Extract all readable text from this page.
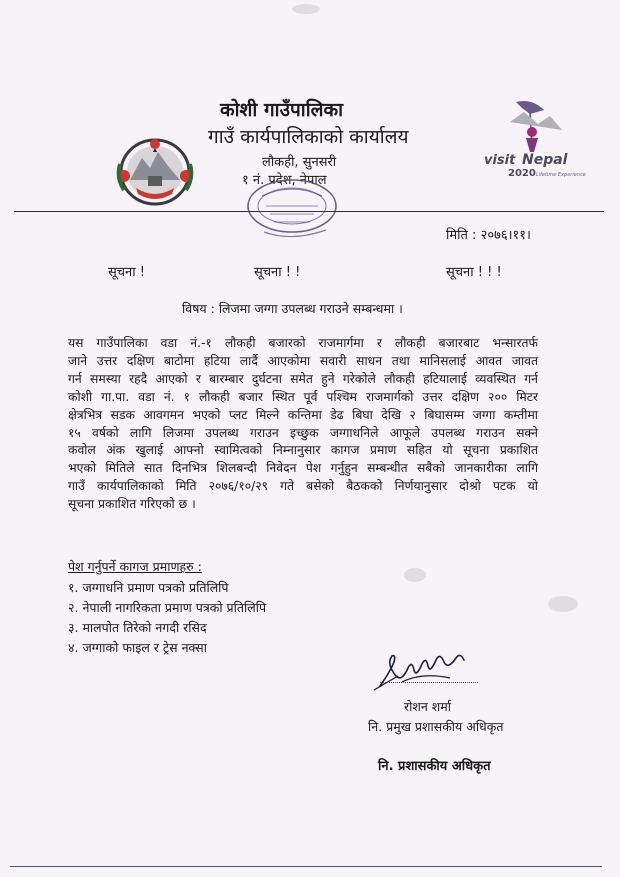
कोशी गाउँपालिका
गाउँ कार्यपालिकाको कार्यालय
लौकही, सुनसरी
१ नं. प्रदेश, नेपाल
visit Nepal
2020 Lifetime Experiences
मिति : २०७६।११।
सूचना !	सूचना ! !	सूचना ! ! !
विषय : लिजमा जग्गा उपलब्ध गराउने सम्बन्धमा ।
यस गाउँपालिका वडा नं.-१ लौकही बजारको राजमार्गमा र लौकही बजारबाट भन्सारतर्फ
जाने उत्तर दक्षिण बाटोमा हटिया लार्दै आएकोमा सवारी साधन तथा मानिसलाई आवत जावत
गर्न समस्या रहदै आएको र बारम्बार दुर्घटना समेत हुने गरेकोले लौकही हटियालाई व्यवस्थित गर्न
कोशी गा.पा. वडा नं. १ लौकही बजार स्थित पूर्व पश्चिम राजमार्गको उत्तर दक्षिण २०० मिटर
क्षेत्रभित्र सडक आवगमन भएको प्लट मिल्ने कन्तिमा डेढ बिघा देखि २ बिघासम्म जग्गा कम्तीमा
१५ वर्षको लागि लिजमा उपलब्ध गराउन इच्छुक जग्गाधनिले आफूले उपलब्ध गराउन सक्ने
कवोल अंक खुलाई आफ्नो स्वामित्वको निम्नानुसार कागज प्रमाण सहित यो सूचना प्रकाशित
भएको मितिले सात दिनभित्र शिलबन्दी निवेदन पेश गर्नुहुन सम्बन्धीत सबैको जानकारीका लागि
गाउँ कार्यपालिकाको मिति २०७६/१०/२९ गते बसेको बैठकको निर्णयानुसार दोश्रो पटक यो
सूचना प्रकाशित गरिएको छ ।
पेश गर्नुपर्ने कागज प्रमाणहरु :
१. जग्गाधनि प्रमाण पत्रको प्रतिलिपि
२. नेपाली नागरिकता प्रमाण पत्रको प्रतिलिपि
३. मालपोत तिरेको नगदी रसिद
४. जग्गाको फाइल र ट्रेस नक्सा
रोशन शर्मा
नि. प्रमुख प्रशासकीय अधिकृत
नि. प्रशासकीय अधिकृत
